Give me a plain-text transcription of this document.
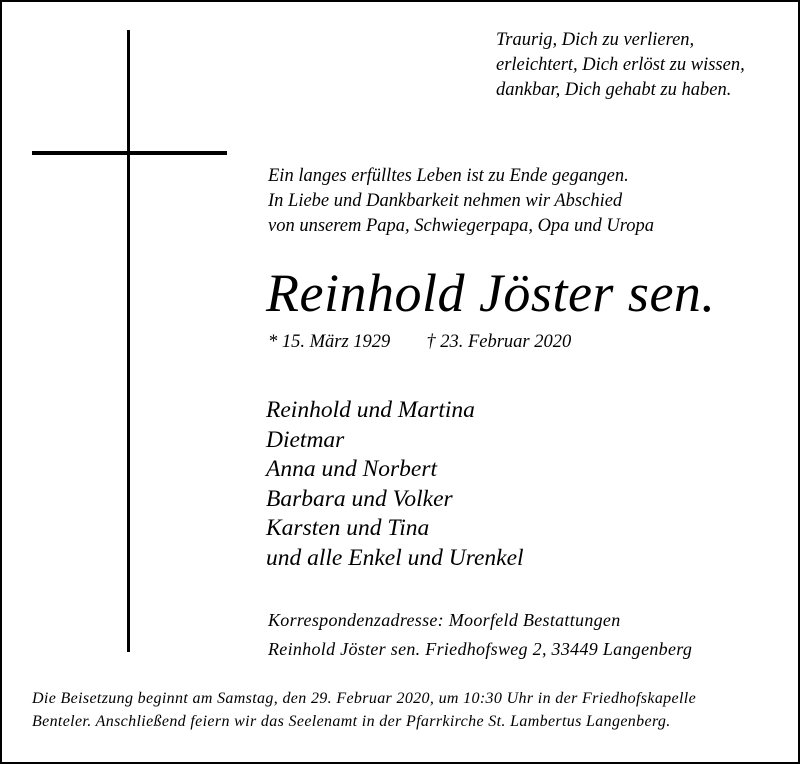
Traurig, Dich zu verlieren,
erleichtert, Dich erlöst zu wissen,
dankbar, Dich gehabt zu haben.
Ein langes erfülltes Leben ist zu Ende gegangen.
In Liebe und Dankbarkeit nehmen wir Abschied
von unserem Papa, Schwiegerpapa, Opa und Uropa
Reinhold Jöster sen.
* 15. März 1929 † 23. Februar 2020
Reinhold und Martina
Dietmar
Anna und Norbert
Barbara und Volker
Karsten und Tina
und alle Enkel und Urenkel
Korrespondenzadresse: Moorfeld Bestattungen
Reinhold Jöster sen. Friedhofsweg 2, 33449 Langenberg
Die Beisetzung beginnt am Samstag, den 29. Februar 2020, um 10:30 Uhr in der Friedhofskapelle
Benteler. Anschließend feiern wir das Seelenamt in der Pfarrkirche St. Lambertus Langenberg.
